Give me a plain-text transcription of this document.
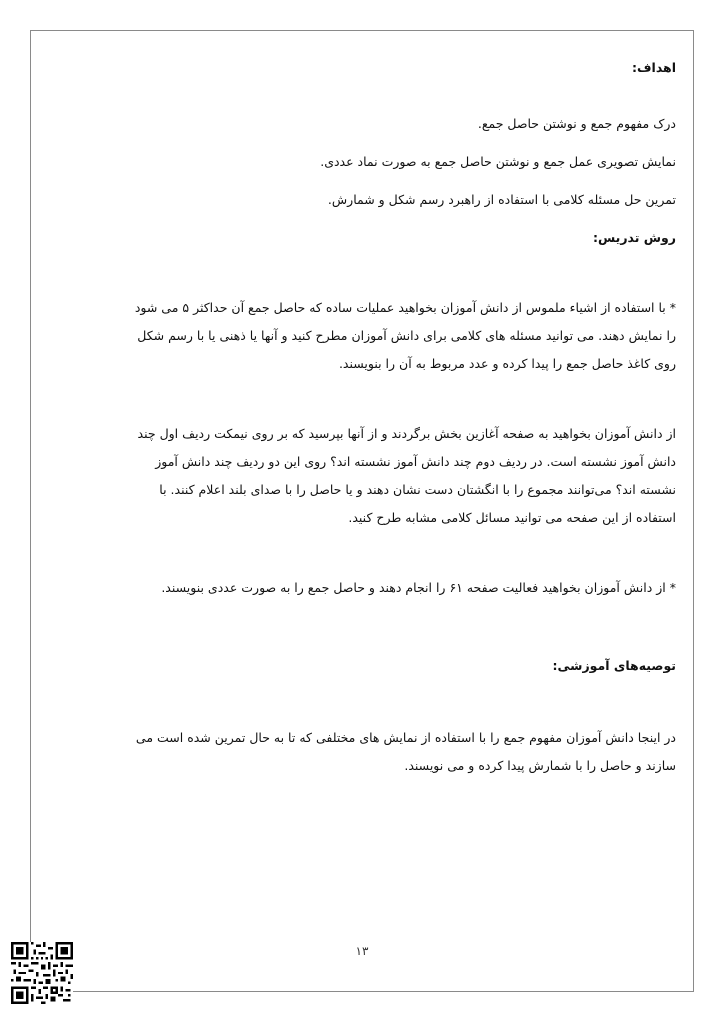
اهداف:
درک مفهوم جمع و نوشتن حاصل جمع.
نمایش تصویری عمل جمع و نوشتن حاصل جمع به صورت نماد عددی.
تمرین حل مسئله کلامی با استفاده از راهبرد رسم شکل و شمارش.
روش تدریس:
* با استفاده از اشیاء ملموس از دانش آموزان بخواهید عملیات ساده که حاصل جمع آن حداکثر ۵ می شود
را نمایش دهند. می توانید مسئله های کلامی برای دانش آموزان مطرح کنید و آنها یا ذهنی یا با رسم شکل
روی کاغذ حاصل جمع را پیدا کرده و عدد مربوط به آن را بنویسند.
از دانش آموزان بخواهید به صفحه آغازین بخش برگردند و از آنها بپرسید که بر روی نیمکت ردیف اول چند
دانش آموز نشسته است. در ردیف دوم چند دانش آموز نشسته اند؟ روی این دو ردیف چند دانش آموز
نشسته اند؟ می‌توانند مجموع را با انگشتان دست نشان دهند و یا حاصل را با صدای بلند اعلام کنند. با
استفاده از این صفحه می توانید مسائل کلامی مشابه طرح کنید.
* از دانش آموزان بخواهید فعالیت صفحه ۶۱ را انجام دهند و حاصل جمع را به صورت عددی بنویسند.
توصیه‌های آموزشی:
در اینجا دانش آموزان مفهوم جمع را با استفاده از نمایش های مختلفی که تا به حال تمرین شده است می
سازند و حاصل را با شمارش پیدا کرده و می نویسند.
۱۳
